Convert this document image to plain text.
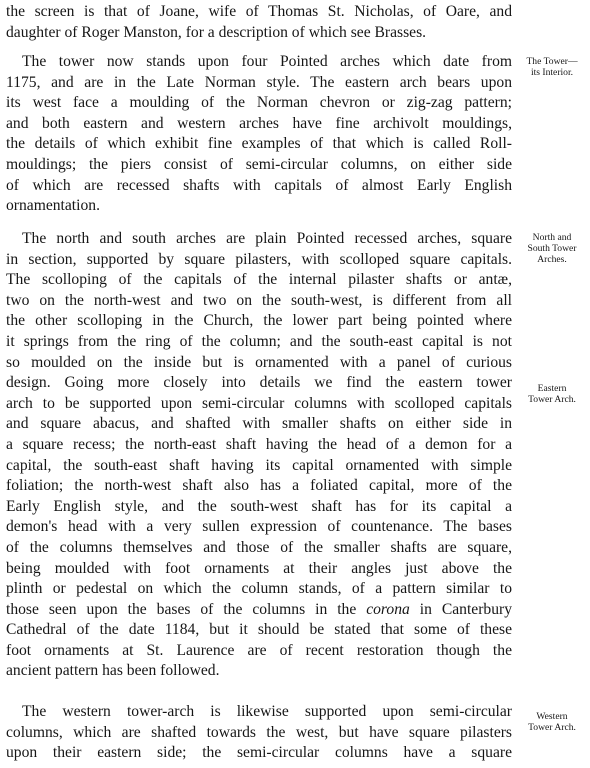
the screen is that of Joane, wife of Thomas St. Nicholas, of Oare, and
daughter of Roger Manston, for a description of which see Brasses.

The tower now stands upon four Pointed arches which date from
1175, and are in the Late Norman style. The eastern arch bears upon
its west face a moulding of the Norman chevron or zig-zag pattern;
and both eastern and western arches have fine archivolt mouldings,
the details of which exhibit fine examples of that which is called Roll-
mouldings; the piers consist of semi-circular columns, on either side
of which are recessed shafts with capitals of almost Early English
ornamentation.

The Tower—
its Interior.

The north and south arches are plain Pointed recessed arches, square
in section, supported by square pilasters, with scolloped square capitals.
The scolloping of the capitals of the internal pilaster shafts or antæ,
two on the north-west and two on the south-west, is different from all
the other scolloping in the Church, the lower part being pointed where
it springs from the ring of the column; and the south-east capital is not
so moulded on the inside but is ornamented with a panel of curious
design. Going more closely into details we find the eastern tower
arch to be supported upon semi-circular columns with scolloped capitals
and square abacus, and shafted with smaller shafts on either side in
a square recess; the north-east shaft having the head of a demon for a
capital, the south-east shaft having its capital ornamented with simple
foliation; the north-west shaft also has a foliated capital, more of the
Early English style, and the south-west shaft has for its capital a
demon's head with a very sullen expression of countenance. The bases
of the columns themselves and those of the smaller shafts are square,
being moulded with foot ornaments at their angles just above the
plinth or pedestal on which the column stands, of a pattern similar to
those seen upon the bases of the columns in the corona in Canterbury
Cathedral of the date 1184, but it should be stated that some of these
foot ornaments at St. Laurence are of recent restoration though the
ancient pattern has been followed.

North and
South Tower
Arches.
Eastern
Tower Arch.

The western tower-arch is likewise supported upon semi-circular
columns, which are shafted towards the west, but have square pilasters
upon their eastern side; the semi-circular columns have a square

Western
Tower Arch.
